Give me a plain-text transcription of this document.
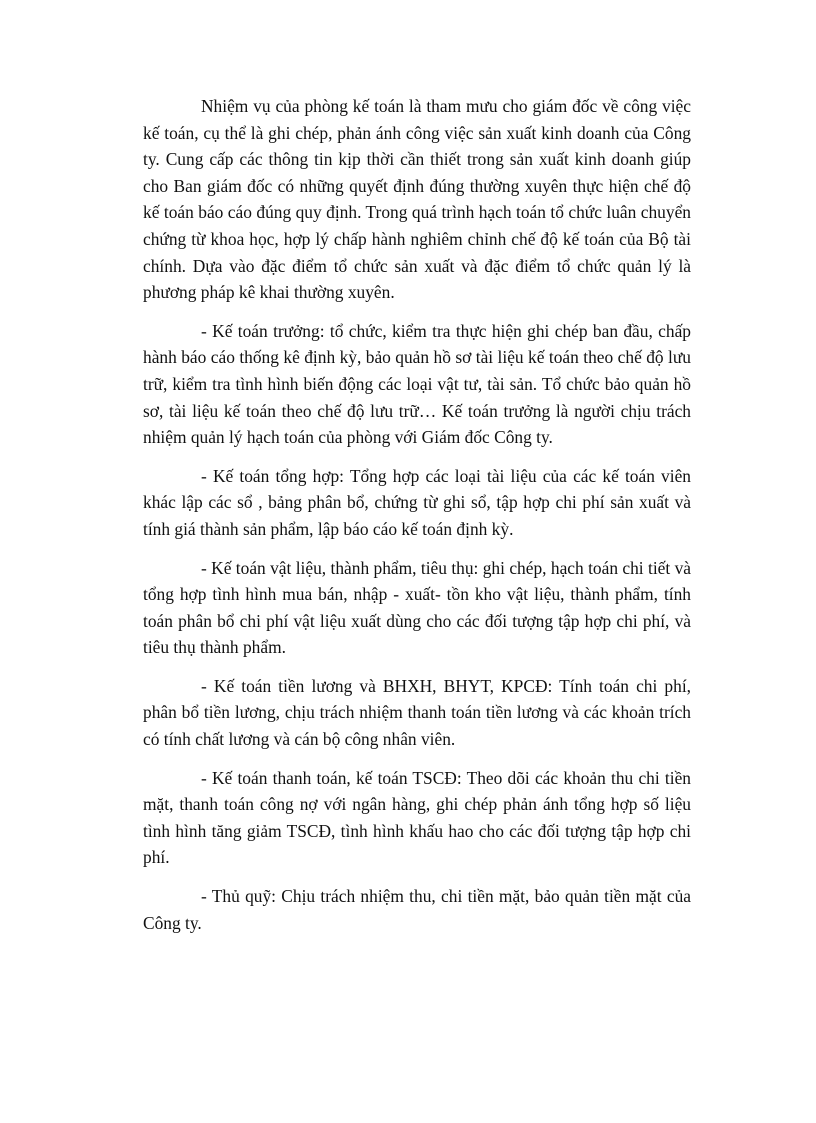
Nhiệm vụ của phòng kế toán là tham mưu cho giám đốc về công việc kế toán, cụ thể là ghi chép, phản ánh công việc sản xuất kinh doanh của Công ty. Cung cấp các thông tin kịp thời cần thiết trong sản xuất kinh doanh giúp cho Ban giám đốc có những quyết định đúng thường xuyên thực hiện chế độ kế toán báo cáo đúng quy định. Trong quá trình hạch toán tổ chức luân chuyển chứng từ khoa học, hợp lý chấp hành nghiêm chỉnh chế độ kế toán của Bộ tài chính. Dựa vào đặc điểm tổ chức sản xuất và đặc điểm tổ chức quản lý là phương pháp kê khai thường xuyên.

- Kế toán trưởng: tổ chức, kiểm tra thực hiện ghi chép ban đầu, chấp hành báo cáo thống kê định kỳ, bảo quản hồ sơ tài liệu kế toán theo chế độ lưu trữ, kiểm tra tình hình biến động các loại vật tư, tài sản. Tổ chức bảo quản hồ sơ, tài liệu kế toán theo chế độ lưu trữ… Kế toán trưởng là người chịu trách nhiệm quản lý hạch toán của phòng với Giám đốc Công ty.

- Kế toán tổng hợp: Tổng hợp các loại tài liệu của các kế toán viên khác lập các sổ , bảng phân bổ, chứng từ ghi sổ, tập hợp chi phí sản xuất và tính giá thành sản phẩm, lập báo cáo kế toán định kỳ.

- Kế toán vật liệu, thành phẩm, tiêu thụ: ghi chép, hạch toán chi tiết và tổng hợp tình hình mua bán, nhập - xuất- tồn kho vật liệu, thành phẩm, tính toán phân bổ chi phí vật liệu xuất dùng cho các đối tượng tập hợp chi phí, và tiêu thụ thành phẩm.

- Kế toán tiền lương và BHXH, BHYT, KPCĐ: Tính toán chi phí, phân bổ tiền lương, chịu trách nhiệm thanh toán tiền lương và các khoản trích có tính chất lương và cán bộ công nhân viên.

- Kế toán thanh toán, kế toán TSCĐ: Theo dõi các khoản thu chi tiền mặt, thanh toán công nợ với ngân hàng, ghi chép phản ánh tổng hợp số liệu tình hình tăng giảm TSCĐ, tình hình khấu hao cho các đối tượng tập hợp chi phí.

- Thủ quỹ: Chịu trách nhiệm thu, chi tiền mặt, bảo quản tiền mặt của Công ty.
